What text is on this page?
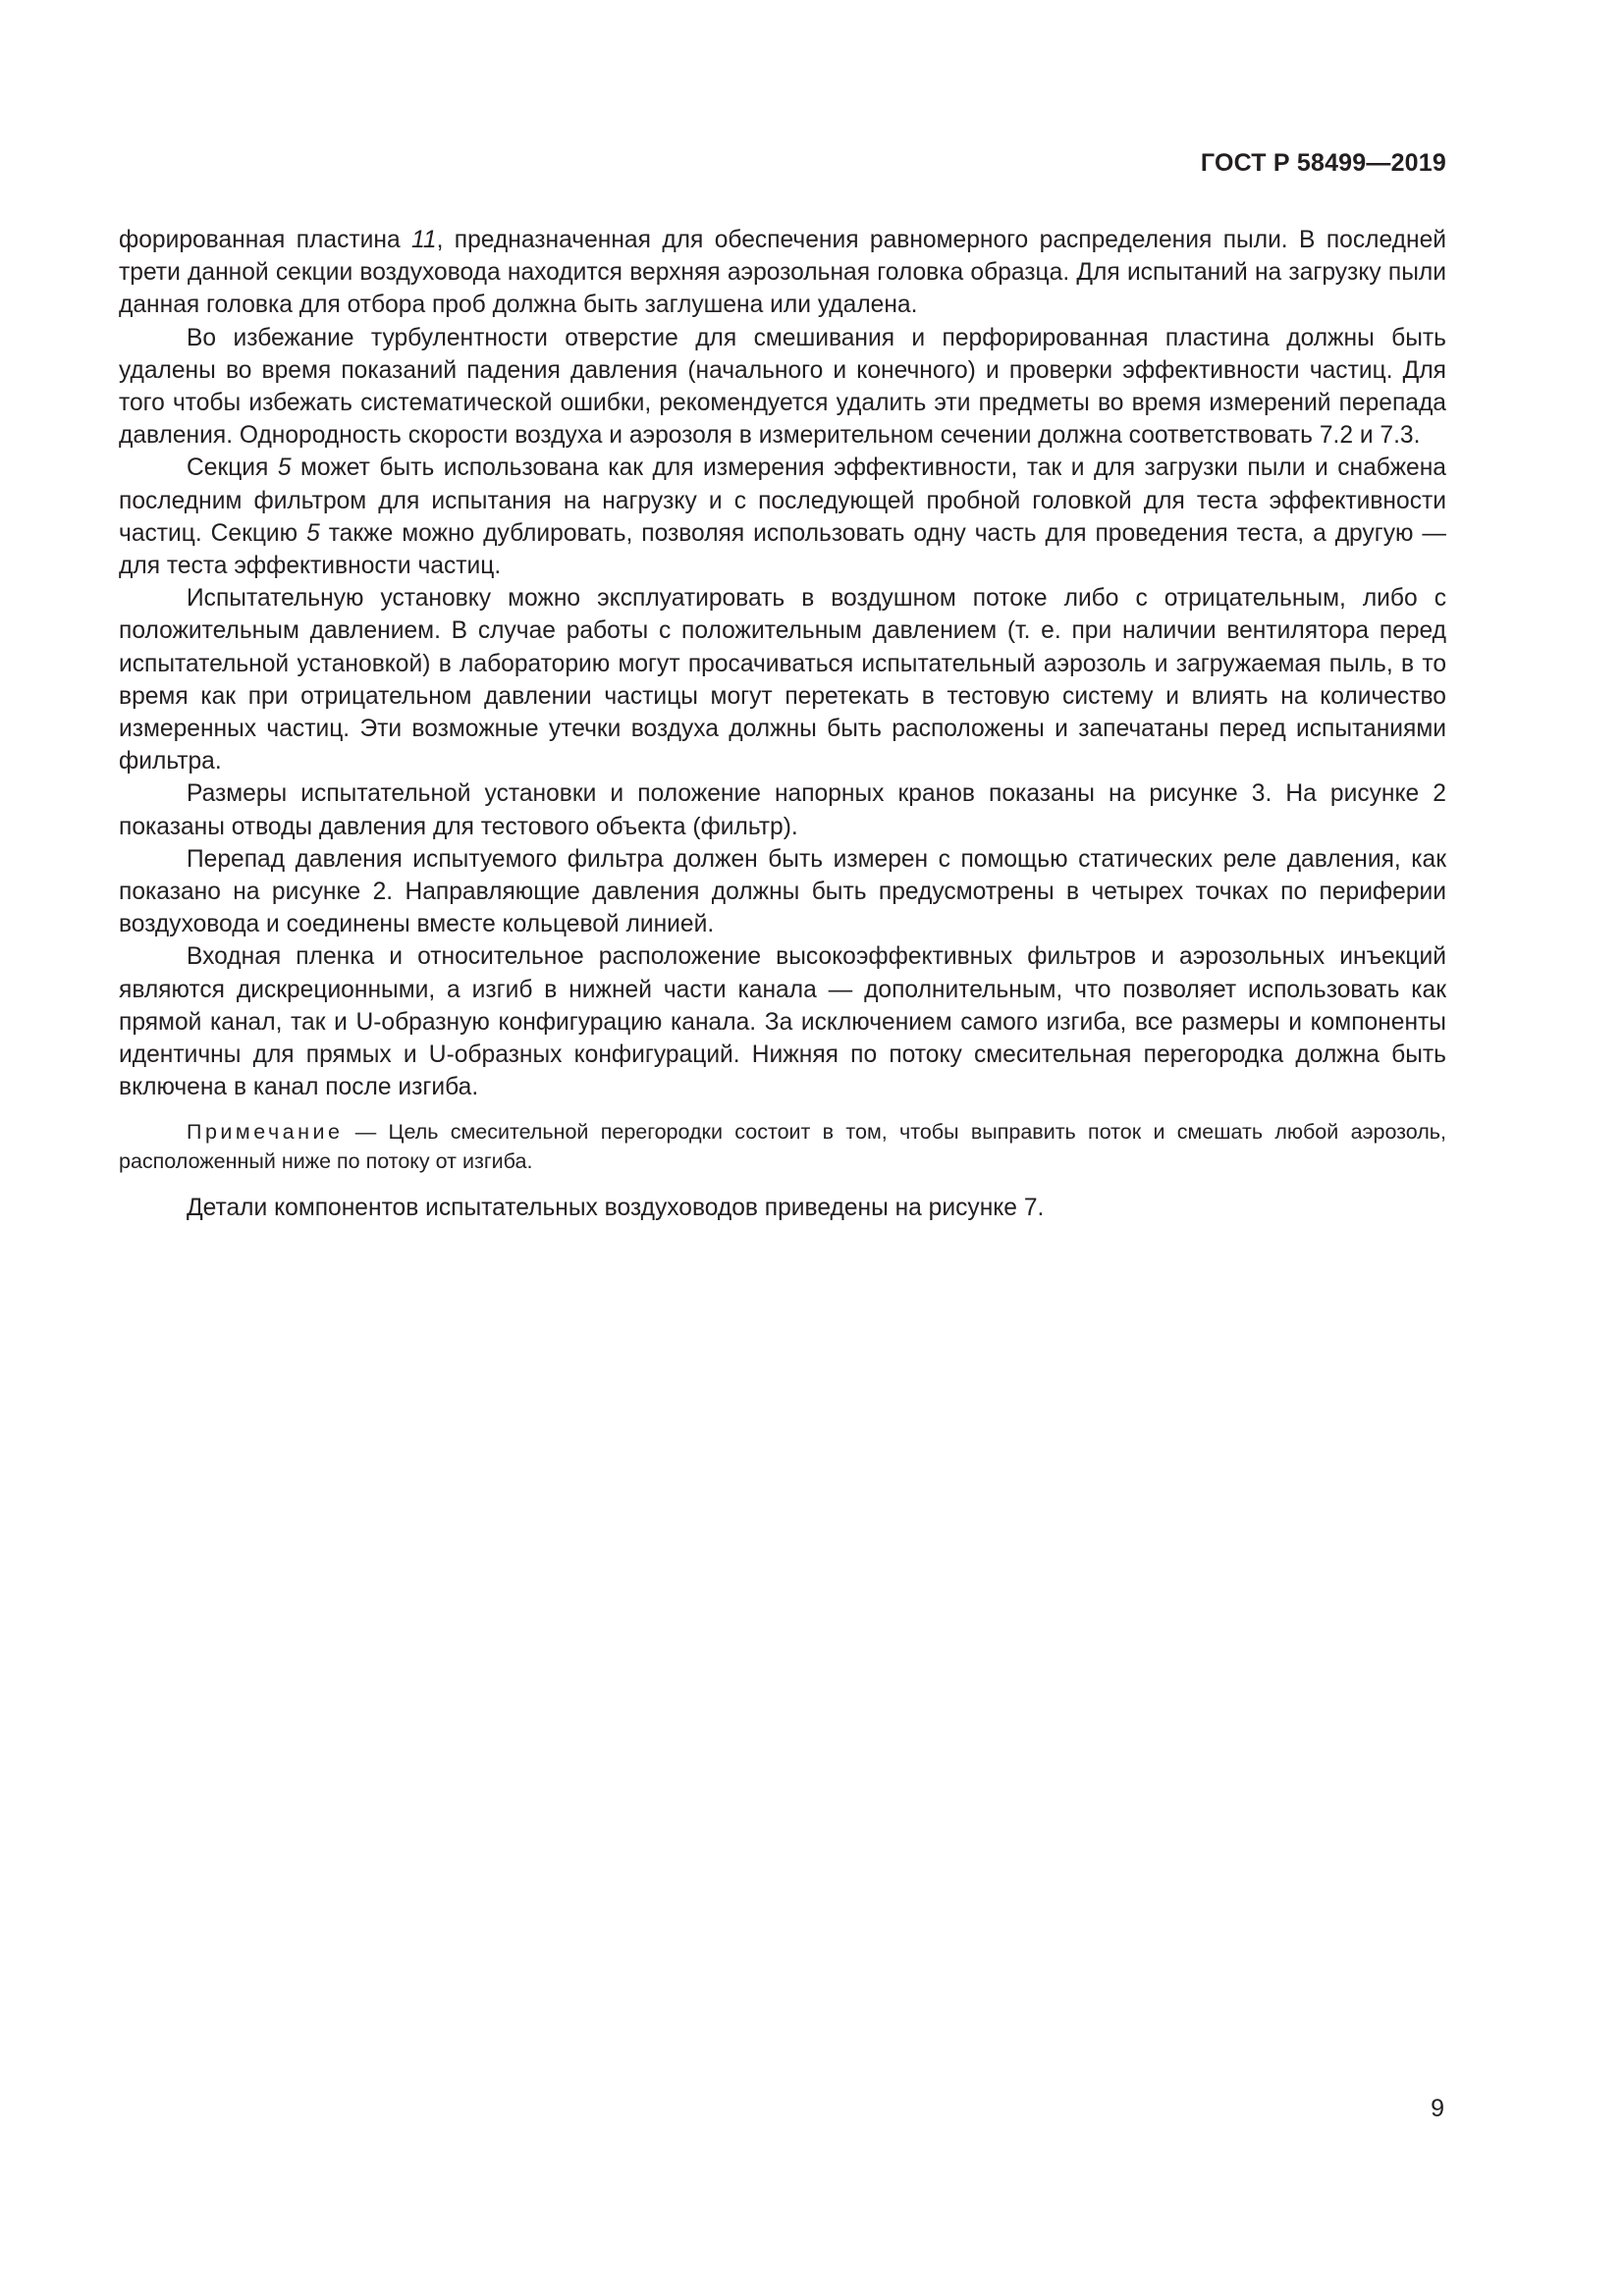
ГОСТ Р 58499—2019

форированная пластина 11, предназначенная для обеспечения равномерного распределения пыли. В последней трети данной секции воздуховода находится верхняя аэрозольная головка образца. Для испытаний на загрузку пыли данная головка для отбора проб должна быть заглушена или удалена.

Во избежание турбулентности отверстие для смешивания и перфорированная пластина должны быть удалены во время показаний падения давления (начального и конечного) и проверки эффективности частиц. Для того чтобы избежать систематической ошибки, рекомендуется удалить эти предметы во время измерений перепада давления. Однородность скорости воздуха и аэрозоля в измерительном сечении должна соответствовать 7.2 и 7.3.

Секция 5 может быть использована как для измерения эффективности, так и для загрузки пыли и снабжена последним фильтром для испытания на нагрузку и с последующей пробной головкой для теста эффективности частиц. Секцию 5 также можно дублировать, позволяя использовать одну часть для проведения теста, а другую — для теста эффективности частиц.

Испытательную установку можно эксплуатировать в воздушном потоке либо с отрицательным, либо с положительным давлением. В случае работы с положительным давлением (т. е. при наличии вентилятора перед испытательной установкой) в лабораторию могут просачиваться испытательный аэрозоль и загружаемая пыль, в то время как при отрицательном давлении частицы могут перетекать в тестовую систему и влиять на количество измеренных частиц. Эти возможные утечки воздуха должны быть расположены и запечатаны перед испытаниями фильтра.

Размеры испытательной установки и положение напорных кранов показаны на рисунке 3. На рисунке 2 показаны отводы давления для тестового объекта (фильтр).

Перепад давления испытуемого фильтра должен быть измерен с помощью статических реле давления, как показано на рисунке 2. Направляющие давления должны быть предусмотрены в четырех точках по периферии воздуховода и соединены вместе кольцевой линией.

Входная пленка и относительное расположение высокоэффективных фильтров и аэрозольных инъекций являются дискреционными, а изгиб в нижней части канала — дополнительным, что позволяет использовать как прямой канал, так и U-образную конфигурацию канала. За исключением самого изгиба, все размеры и компоненты идентичны для прямых и U-образных конфигураций. Нижняя по потоку смесительная перегородка должна быть включена в канал после изгиба.

Примечание — Цель смесительной перегородки состоит в том, чтобы выправить поток и смешать любой аэрозоль, расположенный ниже по потоку от изгиба.

Детали компонентов испытательных воздуховодов приведены на рисунке 7.

9
